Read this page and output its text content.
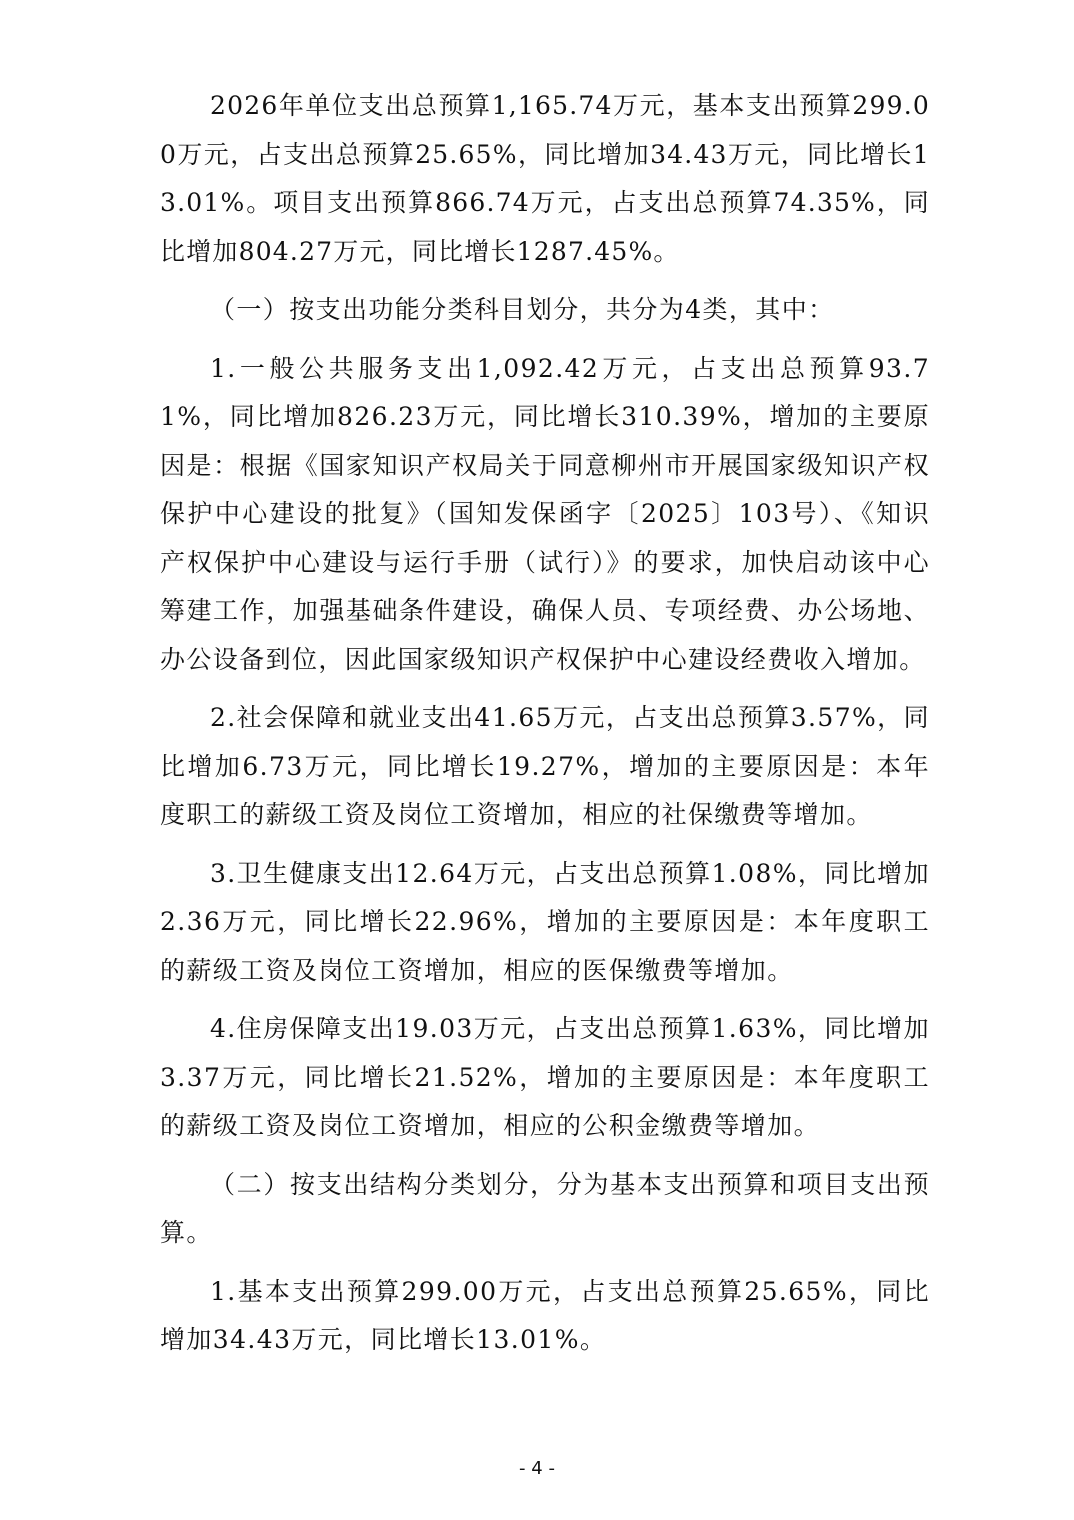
2026年单位支出总预算1,165.74万元，基本支出预算299.00万元，占支出总预算25.65%，同比增加34.43万元，同比增长13.01%。项目支出预算866.74万元，占支出总预算74.35%，同比增加804.27万元，同比增长1287.45%。

（一）按支出功能分类科目划分，共分为4类，其中：

1.一般公共服务支出1,092.42万元，占支出总预算93.71%，同比增加826.23万元，同比增长310.39%，增加的主要原因是：根据《国家知识产权局关于同意柳州市开展国家级知识产权保护中心建设的批复》（国知发保函字〔2025〕103号）、《知识产权保护中心建设与运行手册（试行）》的要求，加快启动该中心筹建工作，加强基础条件建设，确保人员、专项经费、办公场地、办公设备到位，因此国家级知识产权保护中心建设经费收入增加。

2.社会保障和就业支出41.65万元，占支出总预算3.57%，同比增加6.73万元，同比增长19.27%，增加的主要原因是：本年度职工的薪级工资及岗位工资增加，相应的社保缴费等增加。

3.卫生健康支出12.64万元，占支出总预算1.08%，同比增加2.36万元，同比增长22.96%，增加的主要原因是：本年度职工的薪级工资及岗位工资增加，相应的医保缴费等增加。

4.住房保障支出19.03万元，占支出总预算1.63%，同比增加3.37万元，同比增长21.52%，增加的主要原因是：本年度职工的薪级工资及岗位工资增加，相应的公积金缴费等增加。

（二）按支出结构分类划分，分为基本支出预算和项目支出预算。

1.基本支出预算299.00万元，占支出总预算25.65%，同比增加34.43万元，同比增长13.01%。

- 4 -
